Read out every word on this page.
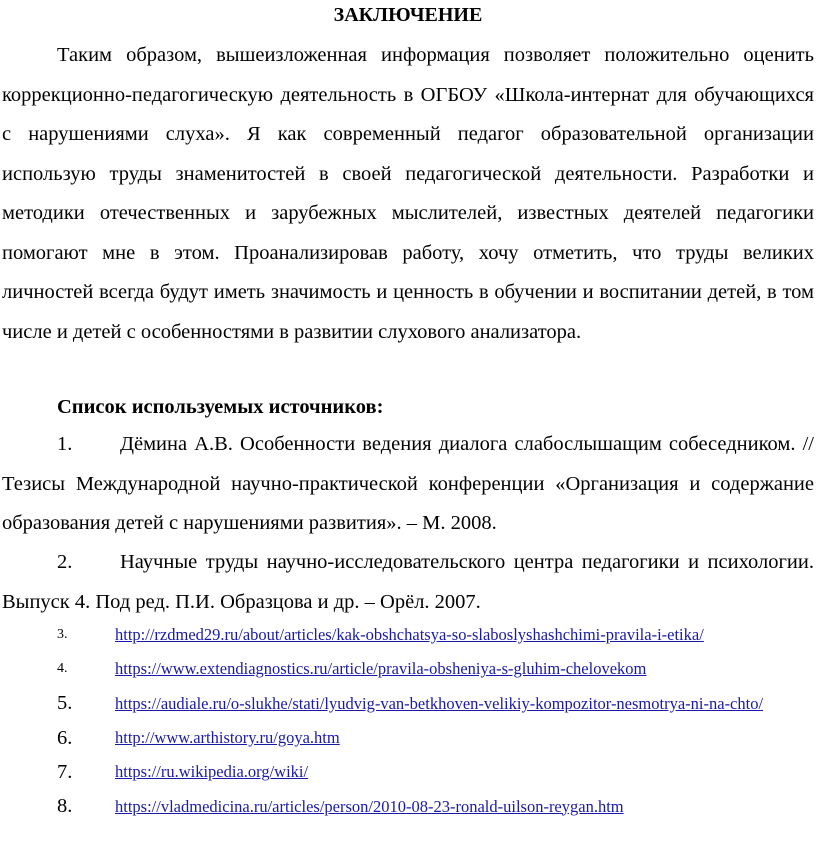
ЗАКЛЮЧЕНИЕ

Таким образом, вышеизложенная информация позволяет положительно оценить коррекционно-педагогическую деятельность в ОГБОУ «Школа-интернат для обучающихся с нарушениями слуха». Я как современный педагог образовательной организации использую труды знаменитостей в своей педагогической деятельности. Разработки и методики отечественных и зарубежных мыслителей, известных деятелей педагогики помогают мне в этом. Проанализировав работу, хочу отметить, что труды великих личностей всегда будут иметь значимость и ценность в обучении и воспитании детей, в том числе и детей с особенностями в развитии слухового анализатора.

Список используемых источников:

1. Дёмина А.В. Особенности ведения диалога слабослышащим собеседником. // Тезисы Международной научно-практической конференции «Организация и содержание образования детей с нарушениями развития». – М. 2008.

2. Научные труды научно-исследовательского центра педагогики и психологии. Выпуск 4. Под ред. П.И. Образцова и др. – Орёл. 2007.

3.	http://rzdmed29.ru/about/articles/kak-obshchatsya-so-slaboslyshashchimi-pravila-i-etika/
4.	https://www.extendiagnostics.ru/article/pravila-obsheniya-s-gluhim-chelovekom
5.	https://audiale.ru/o-slukhe/stati/lyudvig-van-betkhoven-velikiy-kompozitor-nesmotrya-ni-na-chto/
6.	http://www.arthistory.ru/goya.htm
7.	https://ru.wikipedia.org/wiki/
8.	https://vladmedicina.ru/articles/person/2010-08-23-ronald-uilson-reygan.htm
